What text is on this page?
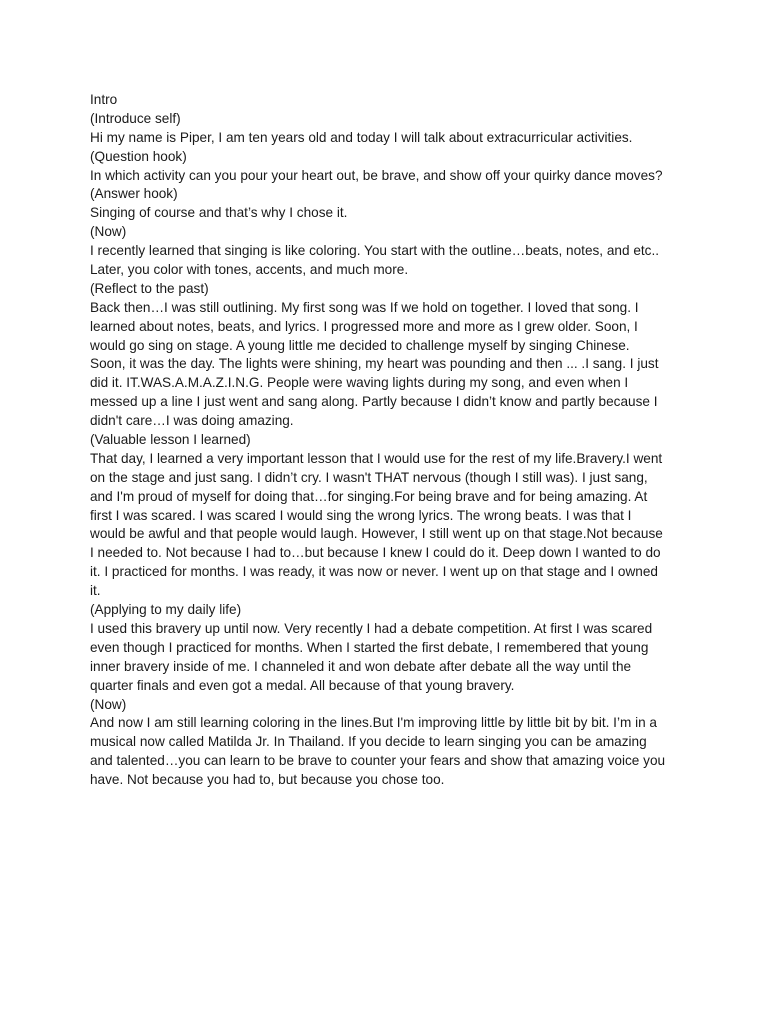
Intro
(Introduce self)
Hi my name is Piper, I am ten years old and today I will talk about extracurricular activities.
(Question hook)
In which activity can you pour your heart out, be brave, and show off your quirky dance moves?
(Answer hook)
Singing of course and that’s why I chose it.
(Now)
I recently learned that singing is like coloring. You start with the outline…beats, notes, and etc..
Later, you color with tones, accents, and much more.
(Reflect to the past)
Back then…I was still outlining. My first song was If we hold on together. I loved that song. I
learned about notes, beats, and lyrics. I progressed more and more as I grew older. Soon, I
would go sing on stage. A young little me decided to challenge myself by singing Chinese.
Soon, it was the day. The lights were shining, my heart was pounding and then ... .I sang. I just
did it. IT.WAS.A.M.A.Z.I.N.G. People were waving lights during my song, and even when I
messed up a line I just went and sang along. Partly because I didn’t know and partly because I
didn't care…I was doing amazing.
(Valuable lesson I learned)
That day, I learned a very important lesson that I would use for the rest of my life.Bravery.I went
on the stage and just sang. I didn’t cry. I wasn't THAT nervous (though I still was). I just sang,
and I'm proud of myself for doing that…for singing.For being brave and for being amazing. At
first I was scared. I was scared I would sing the wrong lyrics. The wrong beats. I was that I
would be awful and that people would laugh. However, I still went up on that stage.Not because
I needed to. Not because I had to…but because I knew I could do it. Deep down I wanted to do
it. I practiced for months. I was ready, it was now or never. I went up on that stage and I owned
it.
(Applying to my daily life)
I used this bravery up until now. Very recently I had a debate competition. At first I was scared
even though I practiced for months. When I started the first debate, I remembered that young
inner bravery inside of me. I channeled it and won debate after debate all the way until the
quarter finals and even got a medal. All because of that young bravery.
(Now)
And now I am still learning coloring in the lines.But I'm improving little by little bit by bit. I’m in a
musical now called Matilda Jr. In Thailand. If you decide to learn singing you can be amazing
and talented…you can learn to be brave to counter your fears and show that amazing voice you
have. Not because you had to, but because you chose too.
